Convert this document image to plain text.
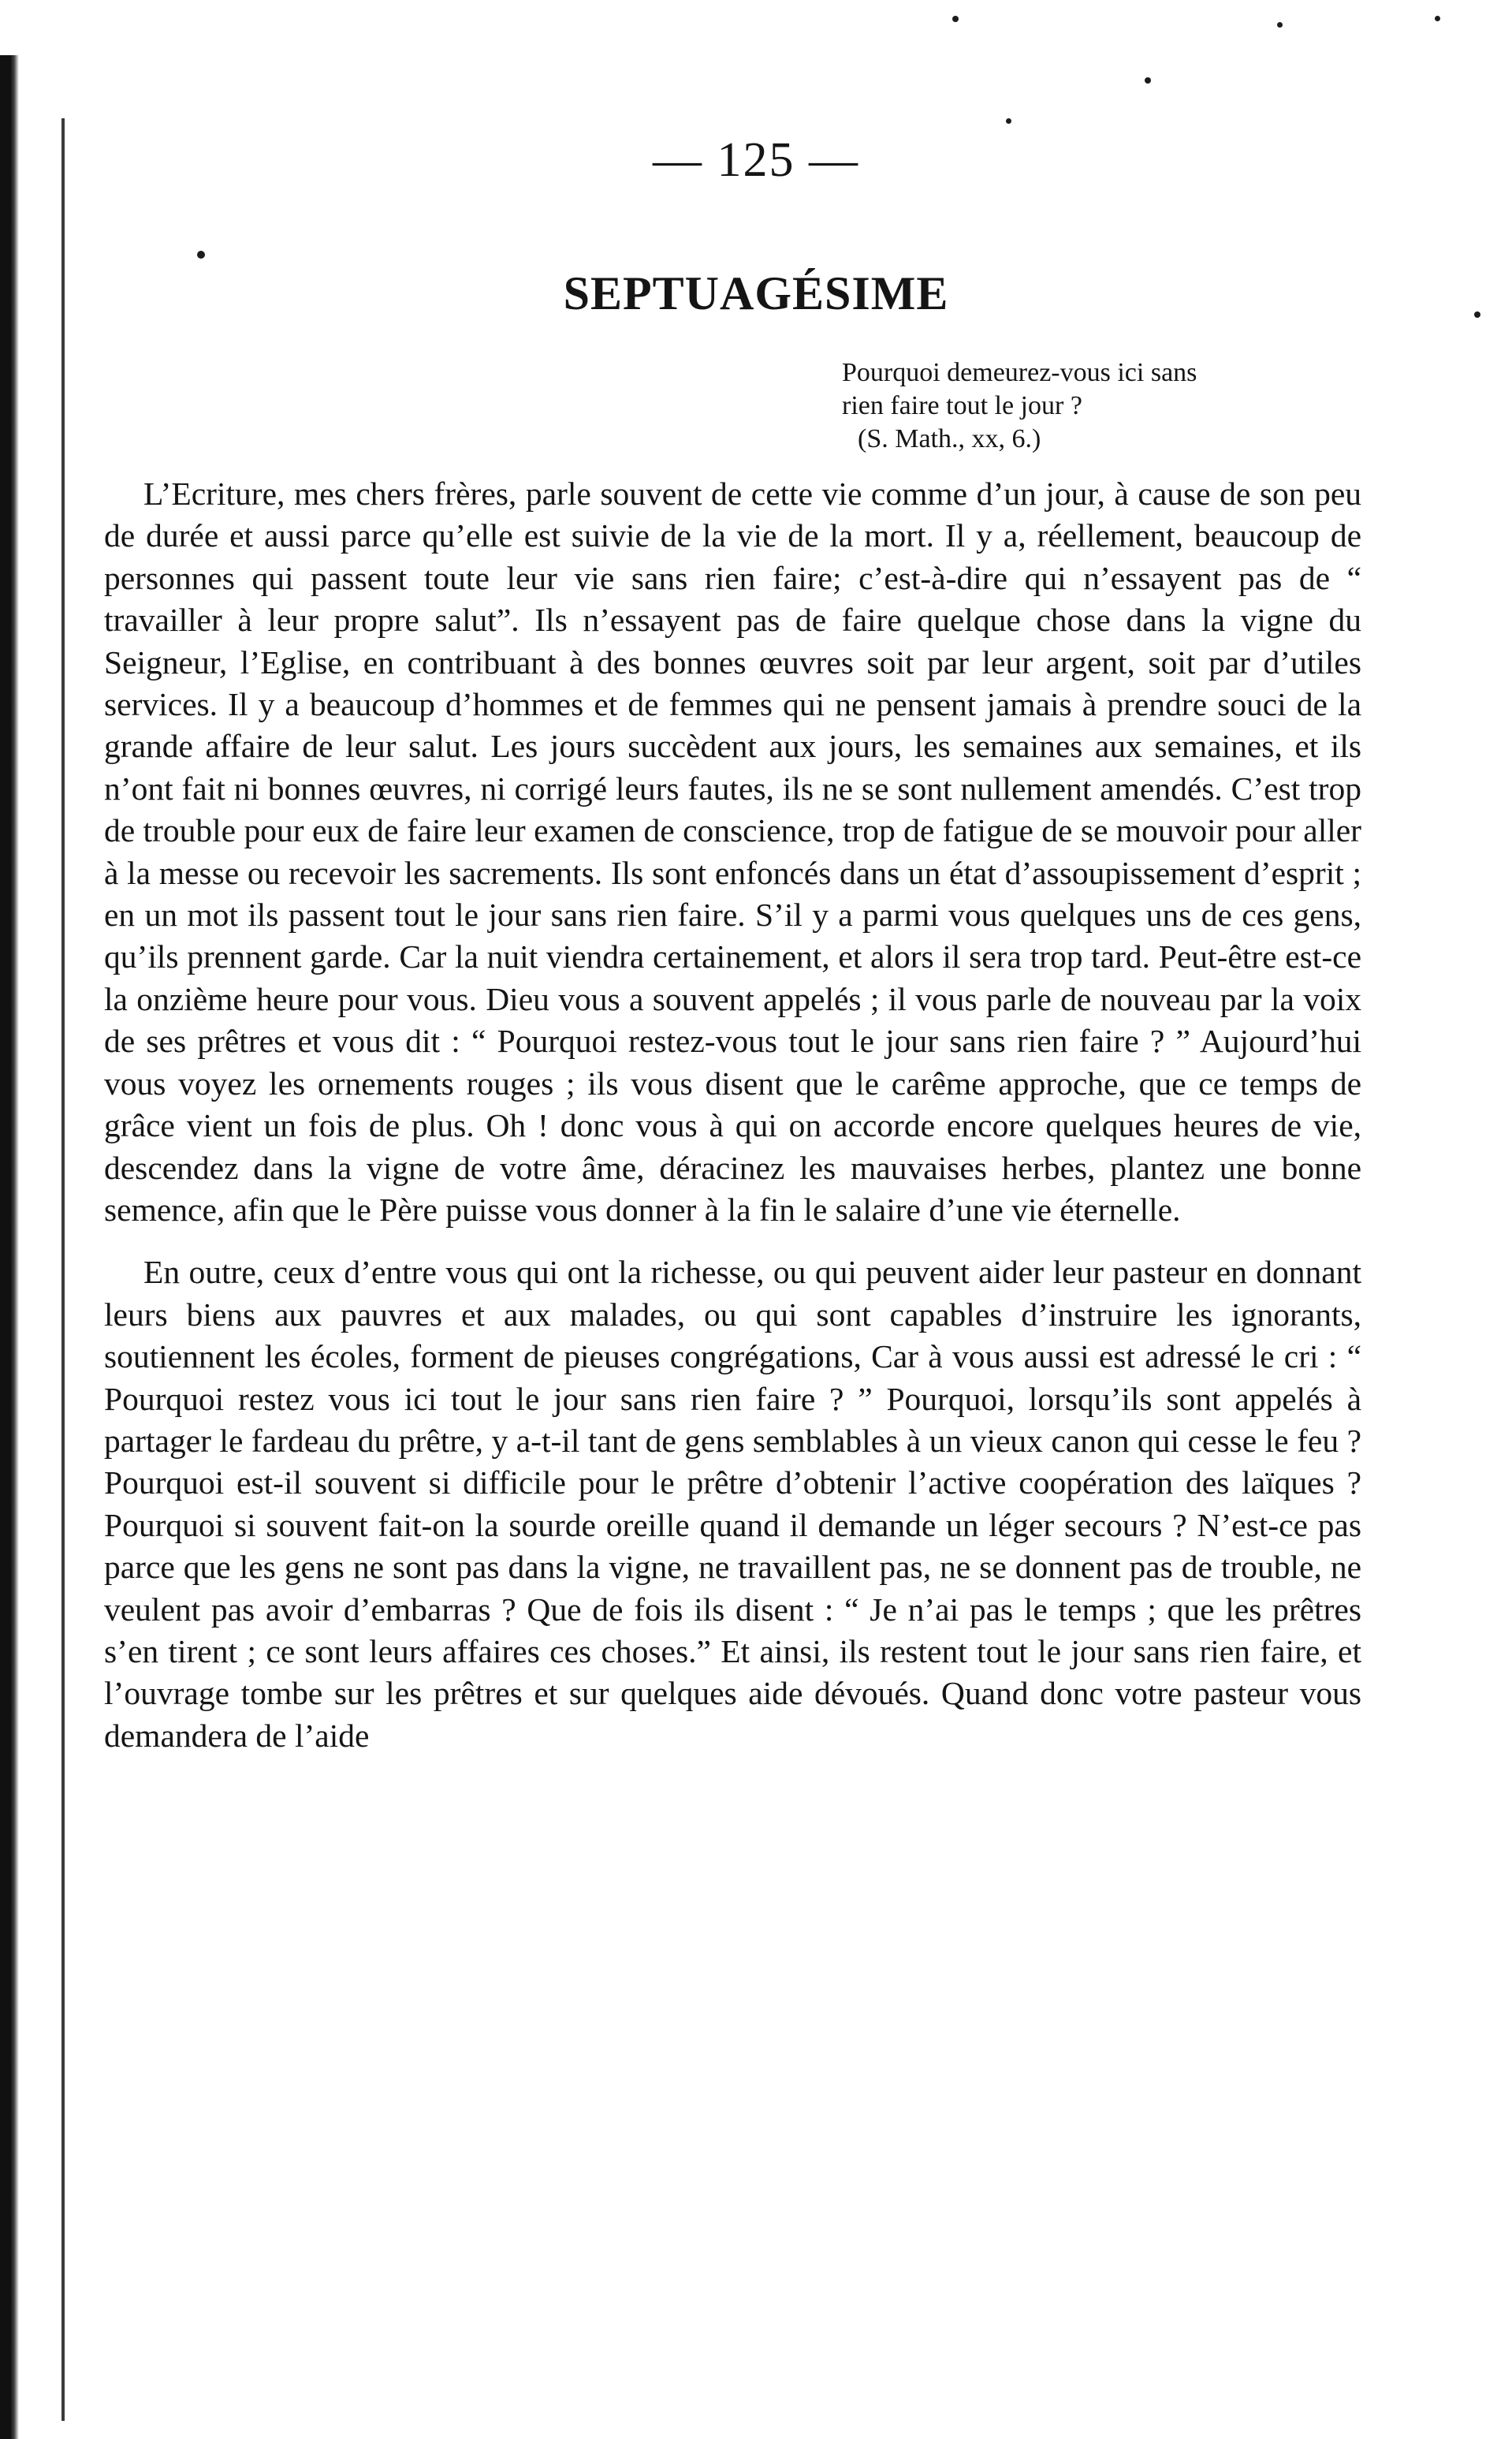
— 125 —
SEPTUAGÉSIME
Pourquoi demeurez-vous ici sans
rien faire tout le jour ?
(S. Math., xx, 6.)

L’Ecriture, mes chers frères, parle souvent de cette vie comme d’un jour, à cause de son peu de durée et aussi parce qu’elle est suivie de la vie de la mort. Il y a, réellement, beaucoup de personnes qui passent toute leur vie sans rien faire; c’est-à-dire qui n’essayent pas de “ travailler à leur propre salut”. Ils n’essayent pas de faire quelque chose dans la vigne du Seigneur, l’Eglise, en contribuant à des bonnes œuvres soit par leur argent, soit par d’utiles services. Il y a beaucoup d’hommes et de femmes qui ne pensent jamais à prendre souci de la grande affaire de leur salut. Les jours succèdent aux jours, les semaines aux semaines, et ils n’ont fait ni bonnes œuvres, ni corrigé leurs fautes, ils ne se sont nullement amendés. C’est trop de trouble pour eux de faire leur examen de conscience, trop de fatigue de se mouvoir pour aller à la messe ou recevoir les sacrements. Ils sont enfoncés dans un état d’assoupissement d’esprit ; en un mot ils passent tout le jour sans rien faire. S’il y a parmi vous quelques uns de ces gens, qu’ils prennent garde. Car la nuit viendra certainement, et alors il sera trop tard. Peut-être est-ce la onzième heure pour vous. Dieu vous a souvent appelés ; il vous parle de nouveau par la voix de ses prêtres et vous dit : “ Pourquoi restez-vous tout le jour sans rien faire ? ” Aujourd’hui vous voyez les ornements rouges ; ils vous disent que le carême approche, que ce temps de grâce vient un fois de plus. Oh ! donc vous à qui on accorde encore quelques heures de vie, descendez dans la vigne de votre âme, déracinez les mauvaises herbes, plantez une bonne semence, afin que le Père puisse vous donner à la fin le salaire d’une vie éternelle.

En outre, ceux d’entre vous qui ont la richesse, ou qui peuvent aider leur pasteur en donnant leurs biens aux pauvres et aux malades, ou qui sont capables d’instruire les ignorants, soutiennent les écoles, forment de pieuses congrégations, Car à vous aussi est adressé le cri : “ Pourquoi restez vous ici tout le jour sans rien faire ? ” Pourquoi, lorsqu’ils sont appelés à partager le fardeau du prêtre, y a-t-il tant de gens semblables à un vieux canon qui cesse le feu ? Pourquoi est-il souvent si difficile pour le prêtre d’obtenir l’active coopération des laïques ? Pourquoi si souvent fait-on la sourde oreille quand il demande un léger secours ? N’est-ce pas parce que les gens ne sont pas dans la vigne, ne travaillent pas, ne se donnent pas de trouble, ne veulent pas avoir d’embarras ? Que de fois ils disent : “ Je n’ai pas le temps ; que les prêtres s’en tirent ; ce sont leurs affaires ces choses.” Et ainsi, ils restent tout le jour sans rien faire, et l’ouvrage tombe sur les prêtres et sur quelques aide dévoués. Quand donc votre pasteur vous demandera de l’aide
